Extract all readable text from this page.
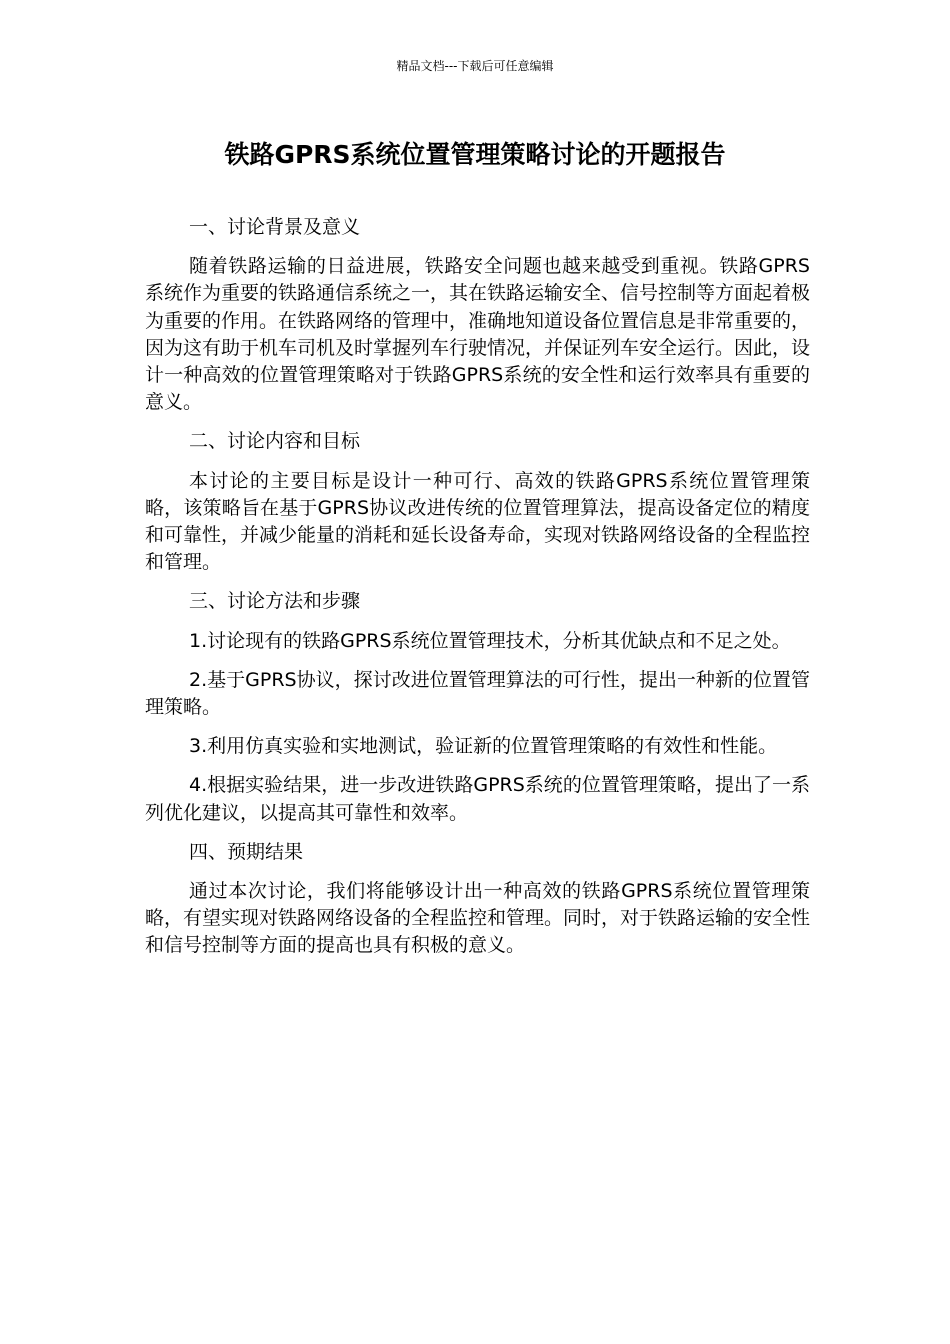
精品文档---下载后可任意编辑
铁路GPRS系统位置管理策略讨论的开题报告

一、讨论背景及意义

随着铁路运输的日益进展，铁路安全问题也越来越受到重视。铁路GPRS系统作为重要的铁路通信系统之一，其在铁路运输安全、信号控制等方面起着极为重要的作用。在铁路网络的管理中，准确地知道设备位置信息是非常重要的，因为这有助于机车司机及时掌握列车行驶情况，并保证列车安全运行。因此，设计一种高效的位置管理策略对于铁路GPRS系统的安全性和运行效率具有重要的意义。

二、讨论内容和目标

本讨论的主要目标是设计一种可行、高效的铁路GPRS系统位置管理策略，该策略旨在基于GPRS协议改进传统的位置管理算法，提高设备定位的精度和可靠性，并减少能量的消耗和延长设备寿命，实现对铁路网络设备的全程监控和管理。

三、讨论方法和步骤

1.讨论现有的铁路GPRS系统位置管理技术，分析其优缺点和不足之处。

2.基于GPRS协议，探讨改进位置管理算法的可行性，提出一种新的位置管理策略。

3.利用仿真实验和实地测试，验证新的位置管理策略的有效性和性能。

4.根据实验结果，进一步改进铁路GPRS系统的位置管理策略，提出了一系列优化建议，以提高其可靠性和效率。

四、预期结果

通过本次讨论，我们将能够设计出一种高效的铁路GPRS系统位置管理策略，有望实现对铁路网络设备的全程监控和管理。同时，对于铁路运输的安全性和信号控制等方面的提高也具有积极的意义。
